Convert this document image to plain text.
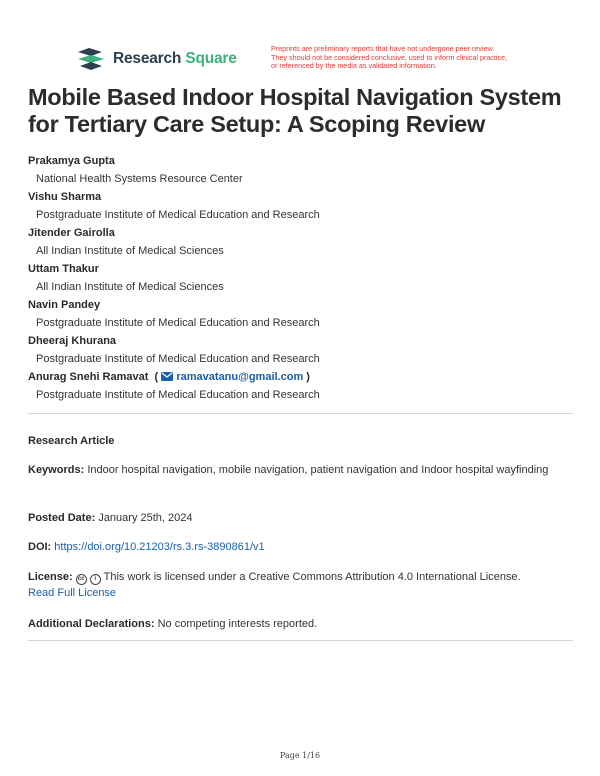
Research Square
Preprints are preliminary reports that have not undergone peer review.
They should not be considered conclusive, used to inform clinical practice,
or referenced by the media as validated information.
Mobile Based Indoor Hospital Navigation System
for Tertiary Care Setup: A Scoping Review
Prakamya Gupta
National Health Systems Resource Center
Vishu Sharma
Postgraduate Institute of Medical Education and Research
Jitender Gairolla
All Indian Institute of Medical Sciences
Uttam Thakur
All Indian Institute of Medical Sciences
Navin Pandey
Postgraduate Institute of Medical Education and Research
Dheeraj Khurana
Postgraduate Institute of Medical Education and Research
Anurag Snehi Ramavat  ( ramavatanu@gmail.com )
Postgraduate Institute of Medical Education and Research

Research Article

Keywords: Indoor hospital navigation, mobile navigation, patient navigation and Indoor hospital wayfinding

Posted Date: January 25th, 2024

DOI: https://doi.org/10.21203/rs.3.rs-3890861/v1

License: cc i This work is licensed under a Creative Commons Attribution 4.0 International License.
Read Full License

Additional Declarations: No competing interests reported.

Page 1/16
